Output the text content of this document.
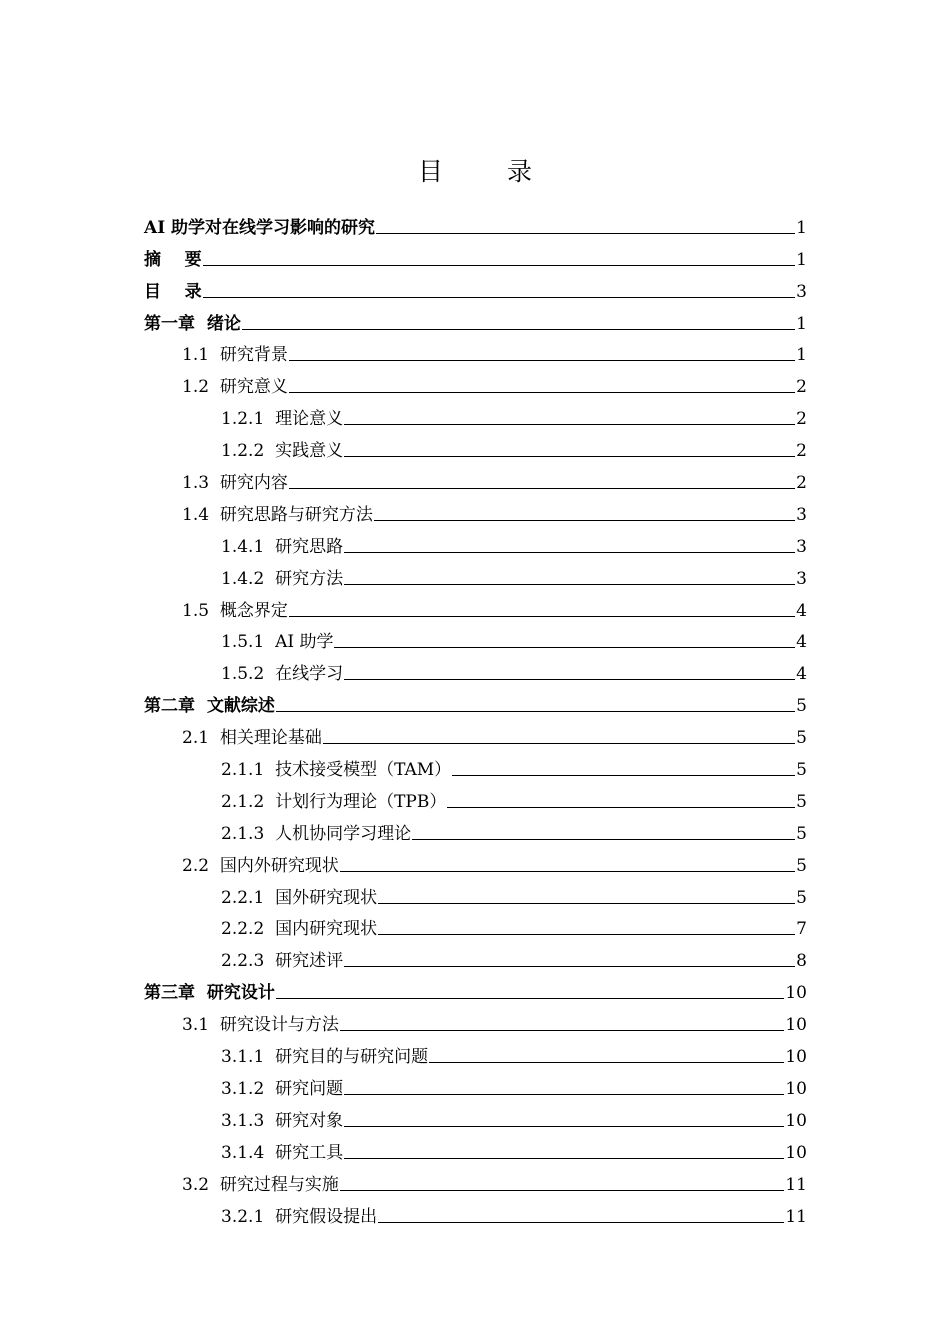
目 录
AI 助学对在线学习影响的研究	1
摘    要	1
目    录	3
第一章  绪论	1
1.1  研究背景	1
1.2  研究意义	2
1.2.1  理论意义	2
1.2.2  实践意义	2
1.3  研究内容	2
1.4  研究思路与研究方法	3
1.4.1  研究思路	3
1.4.2  研究方法	3
1.5  概念界定	4
1.5.1  AI 助学	4
1.5.2  在线学习	4
第二章  文献综述	5
2.1  相关理论基础	5
2.1.1  技术接受模型（TAM）	5
2.1.2  计划行为理论（TPB）	5
2.1.3  人机协同学习理论	5
2.2  国内外研究现状	5
2.2.1  国外研究现状	5
2.2.2  国内研究现状	7
2.2.3  研究述评	8
第三章  研究设计	10
3.1  研究设计与方法	10
3.1.1  研究目的与研究问题	10
3.1.2  研究问题	10
3.1.3  研究对象	10
3.1.4  研究工具	10
3.2  研究过程与实施	11
3.2.1  研究假设提出	11
